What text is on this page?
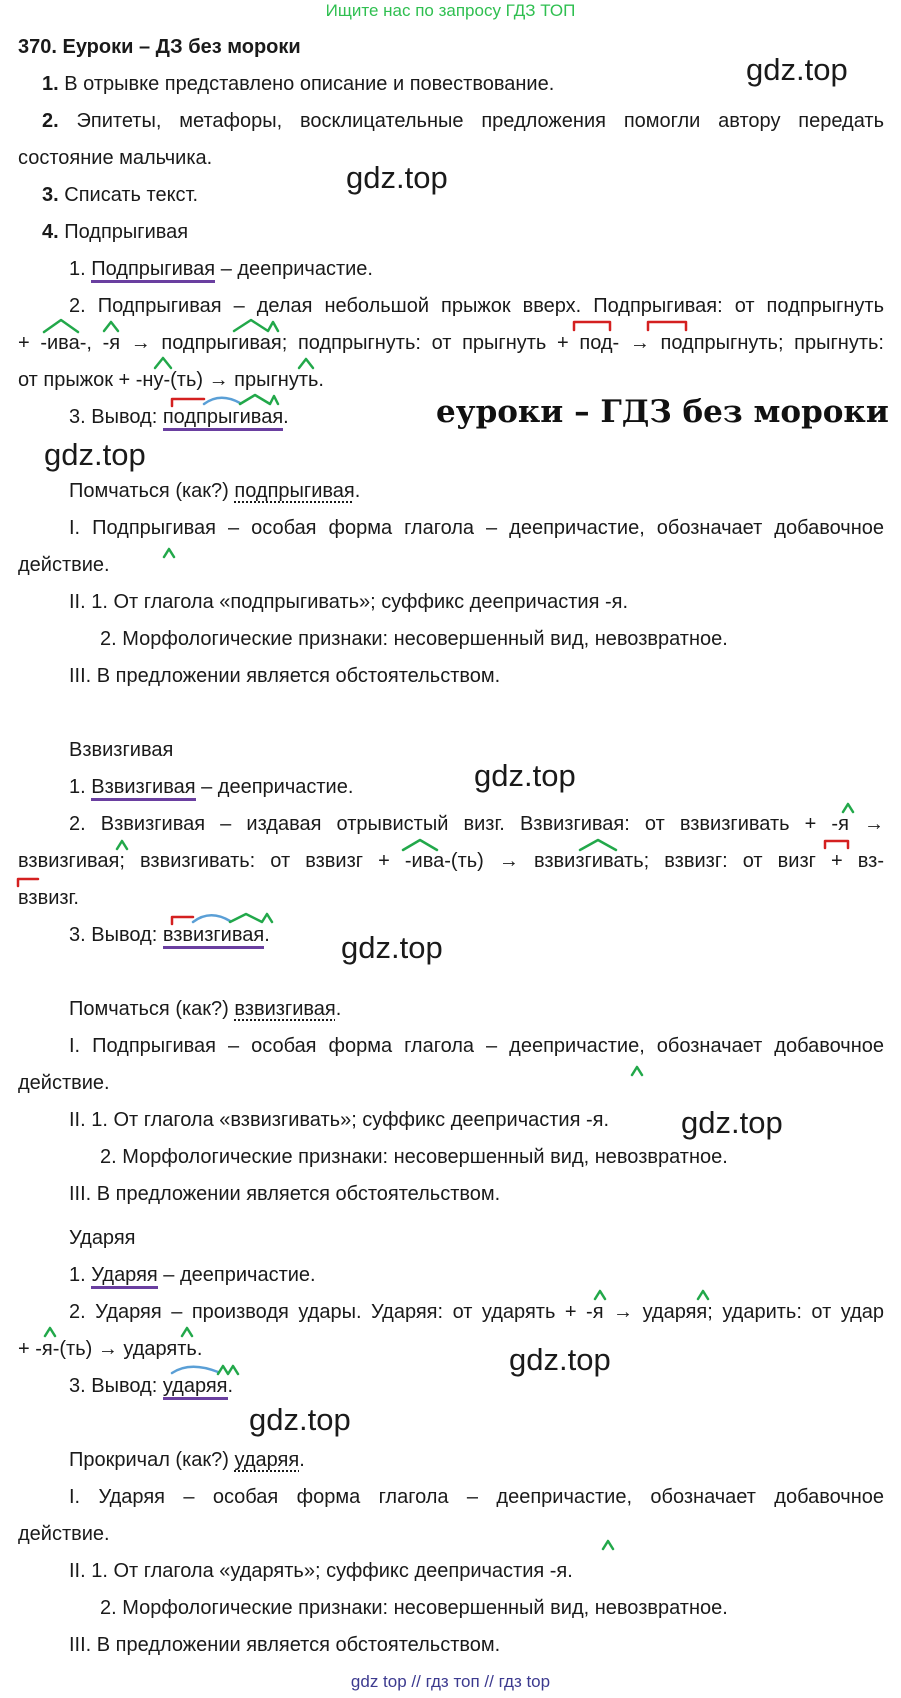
Ищите нас по запросу ГДЗ ТОП
370. Еуроки – ДЗ без мороки
1. В отрывке представлено описание и повествование.
2. Эпитеты, метафоры, восклицательные предложения помогли автору передать
состояние мальчика.
3. Списать текст.
4. Подпрыгивая
1. Подпрыгивая – деепричастие.
2. Подпрыгивая – делая небольшой прыжок вверх. Подпрыгивая: от подпрыгнуть
+ -ива-, -я → подпрыгивая; подпрыгнуть: от прыгнуть + под- → подпрыгнуть; прыгнуть:
от прыжок + -ну-(ть) → прыгнуть.
3. Вывод: подпрыгивая.
Помчаться (как?) подпрыгивая.
I. Подпрыгивая – особая форма глагола – деепричастие, обозначает добавочное
действие.
II. 1. От глагола «подпрыгивать»; суффикс деепричастия -я.
2. Морфологические признаки: несовершенный вид, невозвратное.
III. В предложении является обстоятельством.
Взвизгивая
1. Взвизгивая – деепричастие.
2. Взвизгивая – издавая отрывистый визг. Взвизгивая: от взвизгивать + -я →
взвизгивая; взвизгивать: от взвизг + -ива-(ть) → взвизгивать; взвизг: от визг + вз-
взвизг.
3. Вывод: взвизгивая.
Помчаться (как?) взвизгивая.
I. Подпрыгивая – особая форма глагола – деепричастие, обозначает добавочное
действие.
II. 1. От глагола «взвизгивать»; суффикс деепричастия -я.
2. Морфологические признаки: несовершенный вид, невозвратное.
III. В предложении является обстоятельством.
Ударяя
1. Ударяя – деепричастие.
2. Ударяя – производя удары. Ударяя: от ударять + -я → ударяя; ударить: от удар
+ -я-(ть) → ударять.
3. Вывод: ударяя.
Прокричал (как?) ударяя.
I. Ударяя – особая форма глагола – деепричастие, обозначает добавочное
действие.
II. 1. От глагола «ударять»; суффикс деепричастия -я.
2. Морфологические признаки: несовершенный вид, невозвратное.
III. В предложении является обстоятельством.
еуроки – ГДЗ без мороки
gdz.top
gdz.top
gdz.top
gdz.top
gdz.top
gdz.top
gdz.top
gdz.top
gdz top // гдз топ // гдз top
